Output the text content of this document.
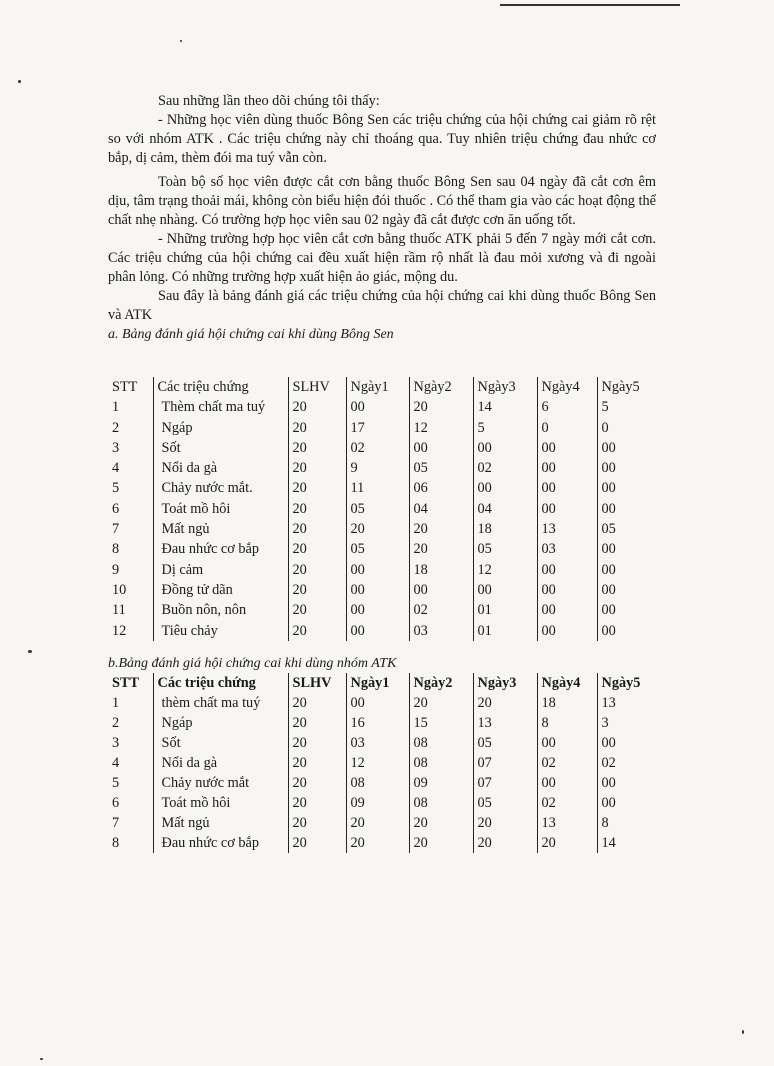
Sau những lần theo dõi chúng tôi thấy:

- Những học viên dùng thuốc Bông Sen các triệu chứng của hội chứng cai giảm rõ rệt so với nhóm ATK . Các triệu chứng này chỉ thoáng qua. Tuy nhiên triệu chứng đau nhức cơ bắp, dị cảm, thèm đói ma tuý vẫn còn.

Toàn bộ số học viên được cắt cơn bằng thuốc Bông Sen sau 04 ngày đã cắt cơn êm dịu, tâm trạng thoải mái, không còn biểu hiện đói thuốc . Có thể tham gia vào các hoạt động thể chất nhẹ nhàng. Có trường hợp học viên sau 02 ngày đã cắt được cơn ăn uống tốt.

- Những trường hợp học viên cắt cơn bằng thuốc ATK phải 5 đến 7 ngày mới cắt cơn. Các triệu chứng của hội chứng cai đều xuất hiện rầm rộ nhất là đau mỏi xương và đi ngoài phân lỏng. Có những trường hợp xuất hiện ảo giác, mộng du.

Sau đây là bảng đánh giá các triệu chứng của hội chứng cai khi dùng thuốc Bông Sen và ATK

a. Bảng đánh giá hội chứng cai khi dùng Bông Sen

STT	Các triệu chứng	SLHV	Ngày1	Ngày2	Ngày3	Ngày4	Ngày5
1	Thèm chất ma tuý	20	00	20	14	6	5
2	Ngáp	20	17	12	5	0	0
3	Sốt	20	02	00	00	00	00
4	Nổi da gà	20	9	05	02	00	00
5	Chảy nước mắt.	20	11	06	00	00	00
6	Toát mồ hôi	20	05	04	04	00	00
7	Mất ngủ	20	20	20	18	13	05
8	Đau nhức cơ bắp	20	05	20	05	03	00
9	Dị cảm	20	00	18	12	00	00
10	Đồng tử dãn	20	00	00	00	00	00
11	Buồn nôn, nôn	20	00	02	01	00	00
12	Tiêu chảy	20	00	03	01	00	00

b.Bảng đánh giá hội chứng cai khi dùng nhóm ATK

STT	Các triệu chứng	SLHV	Ngày1	Ngày2	Ngày3	Ngày4	Ngày5
1	thèm chất ma tuý	20	00	20	20	18	13
2	Ngáp	20	16	15	13	8	3
3	Sốt	20	03	08	05	00	00
4	Nổi da gà	20	12	08	07	02	02
5	Chảy nước mắt	20	08	09	07	00	00
6	Toát mồ hôi	20	09	08	05	02	00
7	Mất ngủ	20	20	20	20	13	8
8	Đau nhức cơ bắp	20	20	20	20	20	14
